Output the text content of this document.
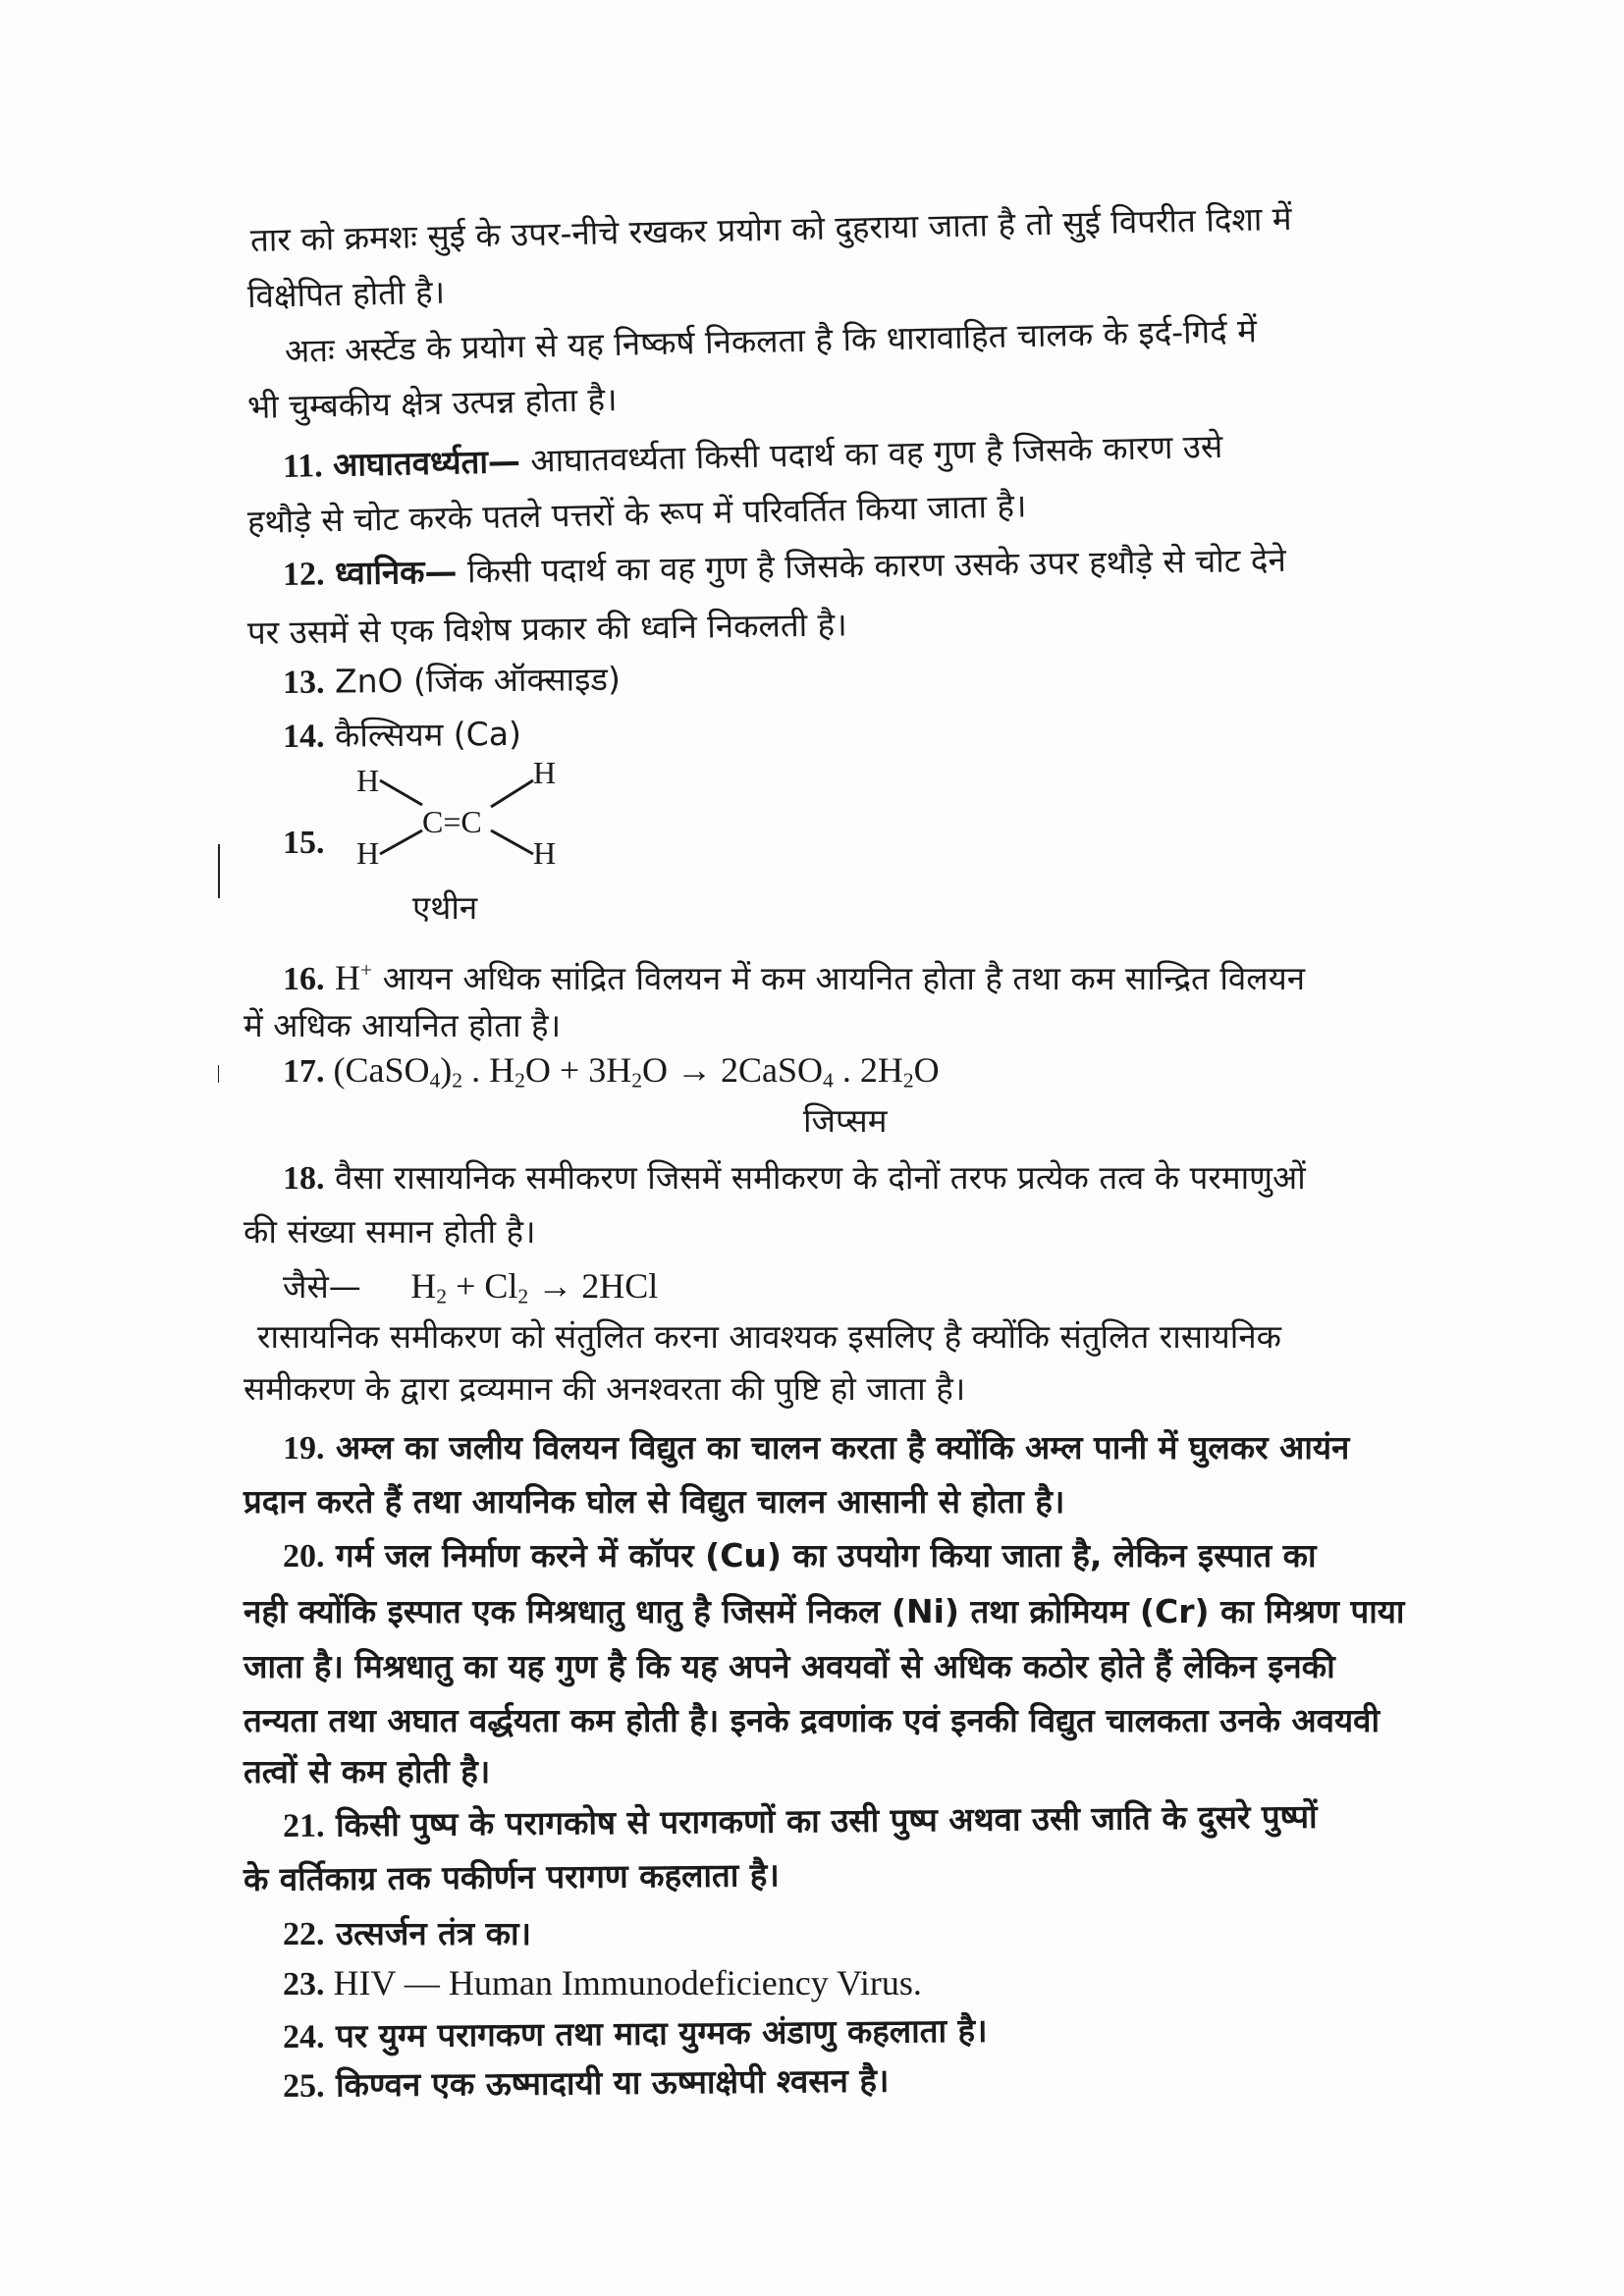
तार को क्रमशः सुई के उपर-नीचे रखकर प्रयोग को दुहराया जाता है तो सुई विपरीत दिशा में
विक्षेपित होती है।
अतः अर्स्टेड के प्रयोग से यह निष्कर्ष निकलता है कि धारावाहित चालक के इर्द-गिर्द में
भी चुम्बकीय क्षेत्र उत्पन्न होता है।
11. आघातवर्ध्यता— आघातवर्ध्यता किसी पदार्थ का वह गुण है जिसके कारण उसे
हथौड़े से चोट करके पतले पत्तरों के रूप में परिवर्तित किया जाता है।
12. ध्वानिक— किसी पदार्थ का वह गुण है जिसके कारण उसके उपर हथौड़े से चोट देने
पर उसमें से एक विशेष प्रकार की ध्वनि निकलती है।
13. ZnO (जिंक ऑक्साइड)
14. कैल्सियम (Ca)
15.
H
H
C=C
H
H
एथीन
16. H+ आयन अधिक सांद्रित विलयन में कम आयनित होता है तथा कम सान्द्रित विलयन
में अधिक आयनित होता है।
17. $(CaSO_4)_2$ . $H_2O + 3H_2O$ → 2CaSO$_4$ . $2H_2O$
जिप्सम
18. वैसा रासायनिक समीकरण जिसमें समीकरण के दोनों तरफ प्रत्येक तत्व के परमाणुओं
की संख्या समान होती है।
जैसे— $H_2 + Cl_2 \to 2HCl$
रासायनिक समीकरण को संतुलित करना आवश्यक इसलिए है क्योंकि संतुलित रासायनिक
समीकरण के द्वारा द्रव्यमान की अनश्वरता की पुष्टि हो जाता है।
19. अम्ल का जलीय विलयन विद्युत का चालन करता है क्योंकि अम्ल पानी में घुलकर आयंन
प्रदान करते हैं तथा आयनिक घोल से विद्युत चालन आसानी से होता है।
20. गर्म जल निर्माण करने में कॉपर (Cu) का उपयोग किया जाता है, लेकिन इस्पात का
नही क्योंकि इस्पात एक मिश्रधातु धातु है जिसमें निकल (Ni) तथा क्रोमियम (Cr) का मिश्रण पाया
जाता है। मिश्रधातु का यह गुण है कि यह अपने अवयवों से अधिक कठोर होते हैं लेकिन इनकी
तन्यता तथा अघात वर्द्धयता कम होती है। इनके द्रवणांक एवं इनकी विद्युत चालकता उनके अवयवी
तत्वों से कम होती है।
21. किसी पुष्प के परागकोष से परागकणों का उसी पुष्प अथवा उसी जाति के दुसरे पुष्पों
के वर्तिकाग्र तक पकीर्णन परागण कहलाता है।
22. उत्सर्जन तंत्र का।
23. HIV — Human Immunodeficiency Virus.
24. पर युग्म परागकण तथा मादा युग्मक अंडाणु कहलाता है।
25. किण्वन एक ऊष्मादायी या ऊष्माक्षेपी श्वसन है।
